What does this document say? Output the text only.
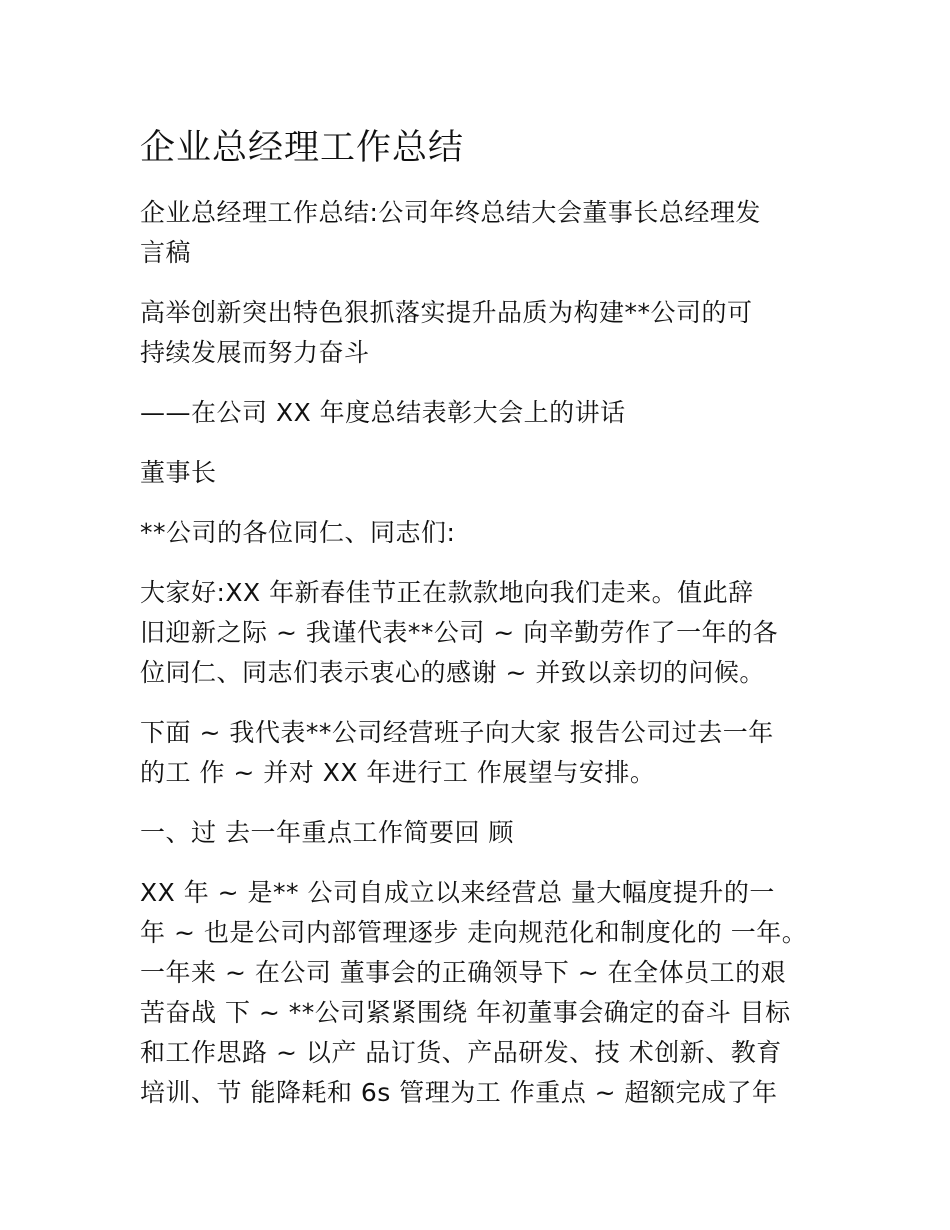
企业总经理工作总结
企业总经理工作总结:公司年终总结大会董事长总经理发
言稿
高举创新突出特色狠抓落实提升品质为构建**公司的可
持续发展而努力奋斗
——在公司 XX 年度总结表彰大会上的讲话
董事长
**公司的各位同仁、同志们:
大家好:XX 年新春佳节正在款款地向我们走来。值此辞
旧迎新之际 ~ 我谨代表**公司 ~ 向辛勤劳作了一年的各
位同仁、同志们表示衷心的感谢 ~ 并致以亲切的问候。
下面 ~ 我代表**公司经营班子向大家 报告公司过去一年
的工 作 ~ 并对 XX 年进行工 作展望与安排。
一、过 去一年重点工作简要回 顾
XX 年 ~ 是** 公司自成立以来经营总 量大幅度提升的一
年 ~ 也是公司内部管理逐步 走向规范化和制度化的 一年。
一年来 ~ 在公司 董事会的正确领导下 ~ 在全体员工的艰
苦奋战 下 ~ **公司紧紧围绕 年初董事会确定的奋斗 目标
和工作思路 ~ 以产 品订货、产品研发、技 术创新、教育
培训、节 能降耗和 6s 管理为工 作重点 ~ 超额完成了年
